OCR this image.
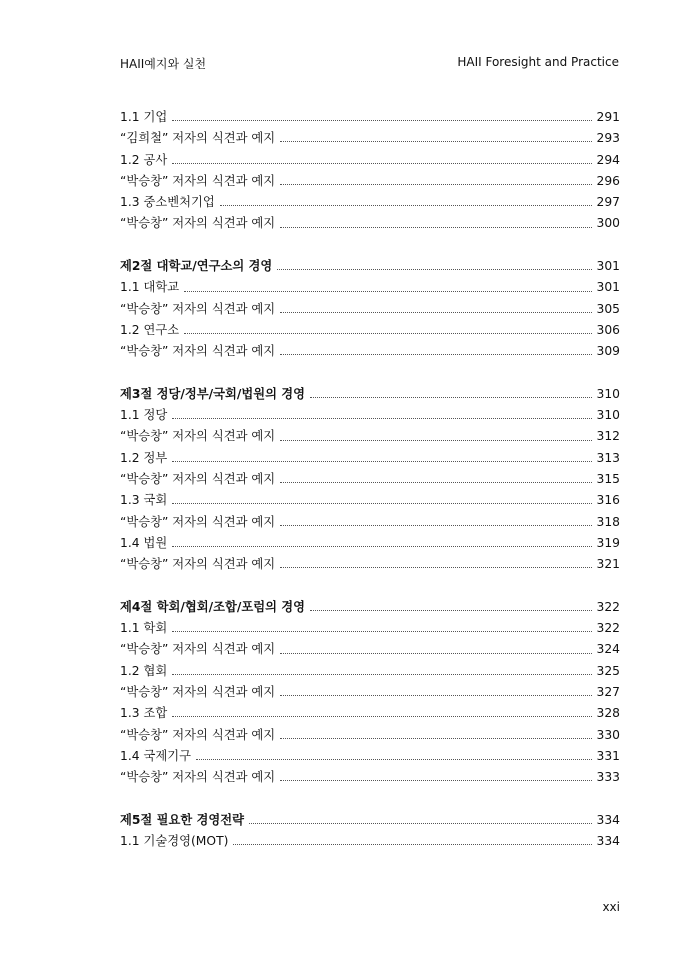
HAII예지와 실천	HAII Foresight and Practice
1.1 기업	291
“김희철” 저자의 식견과 예지	293
1.2 공사	294
“박승창” 저자의 식견과 예지	296
1.3 중소벤처기업	297
“박승창” 저자의 식견과 예지	300
제2절 대학교/연구소의 경영	301
1.1 대학교	301
“박승창” 저자의 식견과 예지	305
1.2 연구소	306
“박승창” 저자의 식견과 예지	309
제3절 정당/정부/국회/법원의 경영	310
1.1 정당	310
“박승창” 저자의 식견과 예지	312
1.2 정부	313
“박승창” 저자의 식견과 예지	315
1.3 국회	316
“박승창” 저자의 식견과 예지	318
1.4 법원	319
“박승창” 저자의 식견과 예지	321
제4절 학회/협회/조합/포럼의 경영	322
1.1 학회	322
“박승창” 저자의 식견과 예지	324
1.2 협회	325
“박승창” 저자의 식견과 예지	327
1.3 조합	328
“박승창” 저자의 식견과 예지	330
1.4 국제기구	331
“박승창” 저자의 식견과 예지	333
제5절 필요한 경영전략	334
1.1 기술경영(MOT)	334
xxi
